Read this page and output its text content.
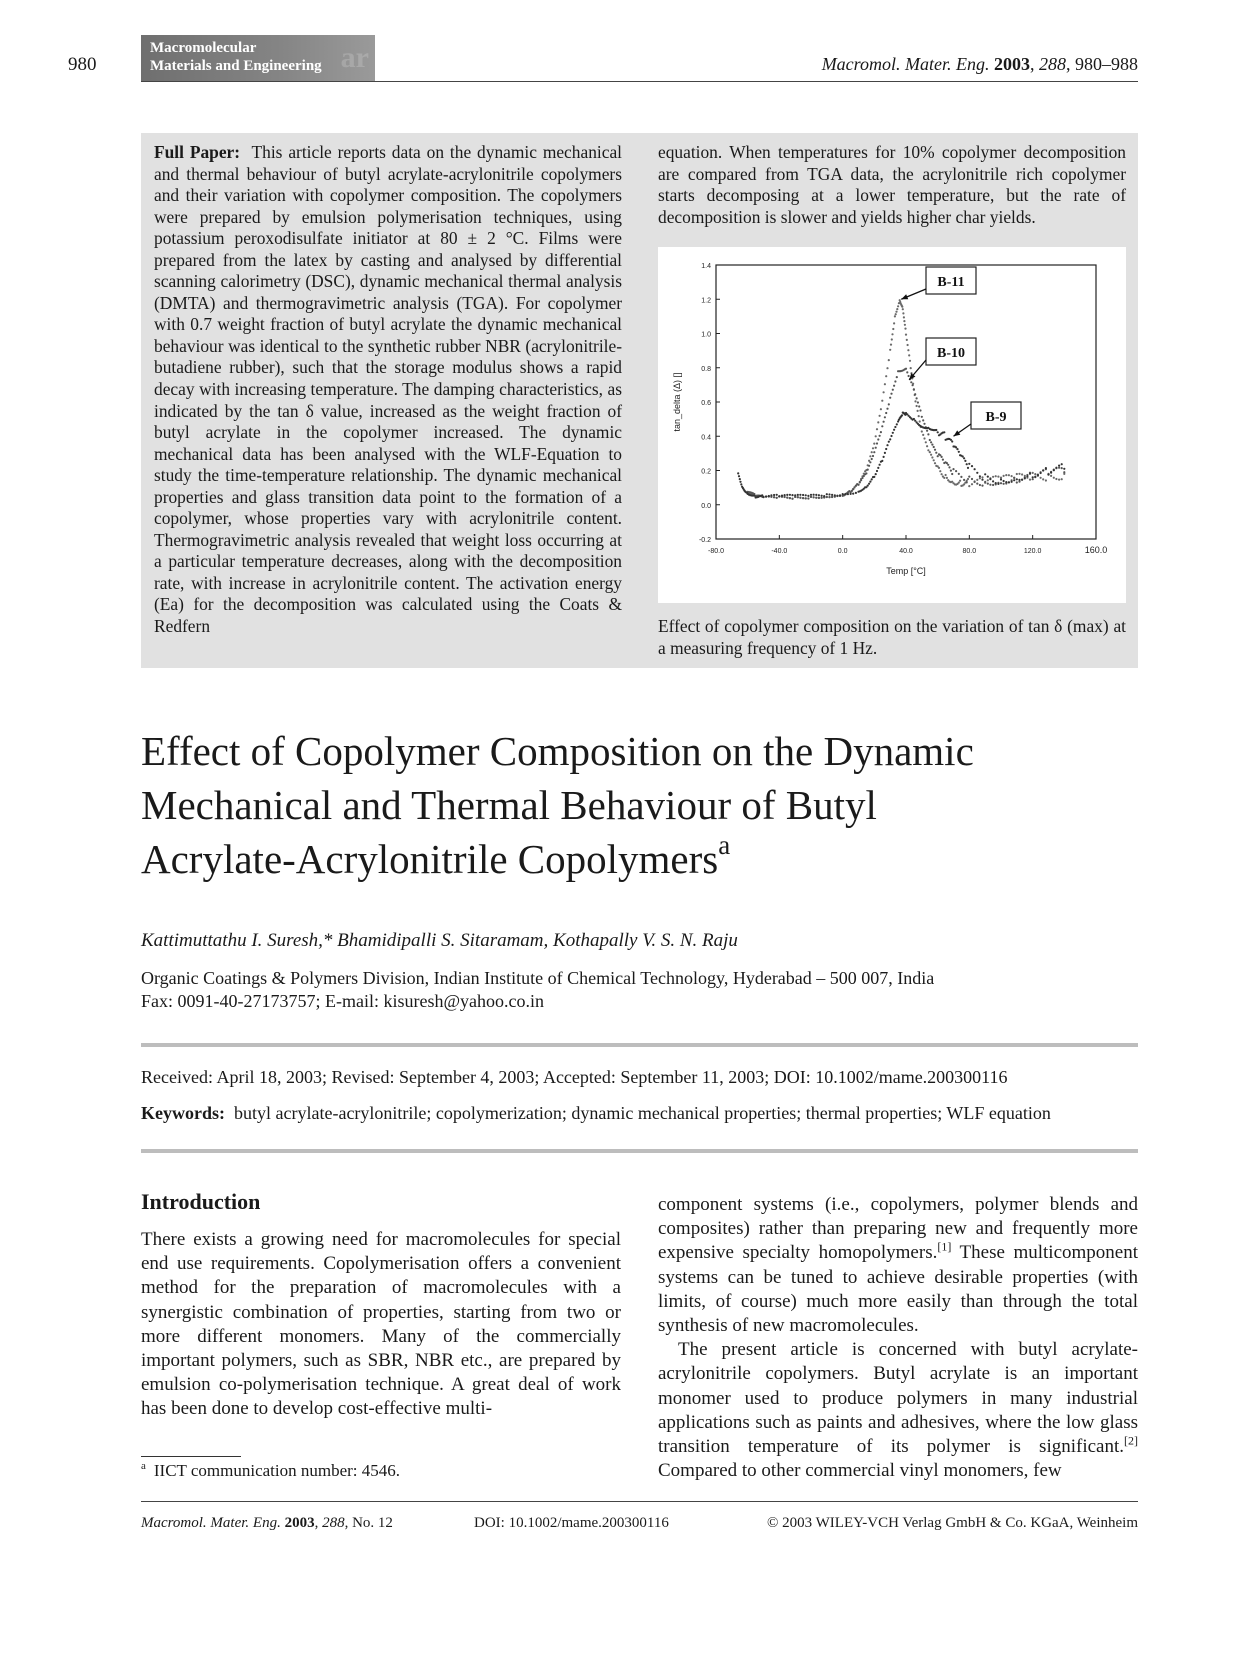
980
Macromolecular
Materials and Engineering ar	Macromol. Mater. Eng. 2003, 288, 980–988
Full Paper: This article reports data on the dynamic mechanical and thermal behaviour of butyl acrylate-acrylonitrile copolymers and their variation with copolymer composition. The copolymers were prepared by emulsion polymerisation techniques, using potassium peroxodisulfate initiator at 80 ± 2 °C. Films were prepared from the latex by casting and analysed by differential scanning calorimetry (DSC), dynamic mechanical thermal analysis (DMTA) and thermogravimetric analysis (TGA). For copolymer with 0.7 weight fraction of butyl acrylate the dynamic mechanical behaviour was identical to the synthetic rubber NBR (acrylonitrile-butadiene rubber), such that the storage modulus shows a rapid decay with increasing temperature. The damping characteristics, as indicated by the tan δ value, increased as the weight fraction of butyl acrylate in the copolymer increased. The dynamic mechanical data has been analysed with the WLF-Equation to study the time-temperature relationship. The dynamic mechanical properties and glass transition data point to the formation of a copolymer, whose properties vary with acrylonitrile content. Thermogravimetric analysis revealed that weight loss occurring at a particular temperature decreases, along with the decomposition rate, with increase in acrylonitrile content. The activation energy (Ea) for the decomposition was calculated using the Coats & Redfern
equation. When temperatures for 10% copolymer decomposition are compared from TGA data, the acrylonitrile rich copolymer starts decomposing at a lower temperature, but the rate of decomposition is slower and yields higher char yields.
-80.0	-40.0	0.0	40.0	80.0	120.0	160.0
-0.2
0.0
0.2
0.4
0.6
0.8
1.0
1.2
1.4
B-11
B-10
B-9
Temp [°C]
tan_delta (Δ) []
Effect of copolymer composition on the variation of tan δ (max) at a measuring frequency of 1 Hz.
Effect of Copolymer Composition on the Dynamic
Mechanical and Thermal Behaviour of Butyl
Acrylate-Acrylonitrile Copolymers$^a$
Kattimuttathu I. Suresh,* Bhamidipalli S. Sitaramam, Kothapally V. S. N. Raju
Organic Coatings & Polymers Division, Indian Institute of Chemical Technology, Hyderabad – 500 007, India
Fax: 0091-40-27173757; E-mail: kisuresh@yahoo.co.in
Received: April 18, 2003; Revised: September 4, 2003; Accepted: September 11, 2003; DOI: 10.1002/mame.200300116
Keywords: butyl acrylate-acrylonitrile; copolymerization; dynamic mechanical properties; thermal properties; WLF equation
Introduction
There exists a growing need for macromolecules for special end use requirements. Copolymerisation offers a convenient method for the preparation of macromolecules with a synergistic combination of properties, starting from two or more different monomers. Many of the commercially important polymers, such as SBR, NBR etc., are prepared by emulsion co-polymerisation technique. A great deal of work has been done to develop cost-effective multi-

component systems (i.e., copolymers, polymer blends and composites) rather than preparing new and frequently more expensive specialty homopolymers.[1] These multicomponent systems can be tuned to achieve desirable properties (with limits, of course) much more easily than through the total synthesis of new macromolecules.

The present article is concerned with butyl acrylate-acrylonitrile copolymers. Butyl acrylate is an important monomer used to produce polymers in many industrial applications such as paints and adhesives, where the low glass transition temperature of its polymer is significant.[2] Compared to other commercial vinyl monomers, few

$^a$ IICT communication number: 4546.
Macromol. Mater. Eng. 2003, 288, No. 12	DOI: 10.1002/mame.200300116	© 2003 WILEY-VCH Verlag GmbH & Co. KGaA, Weinheim
